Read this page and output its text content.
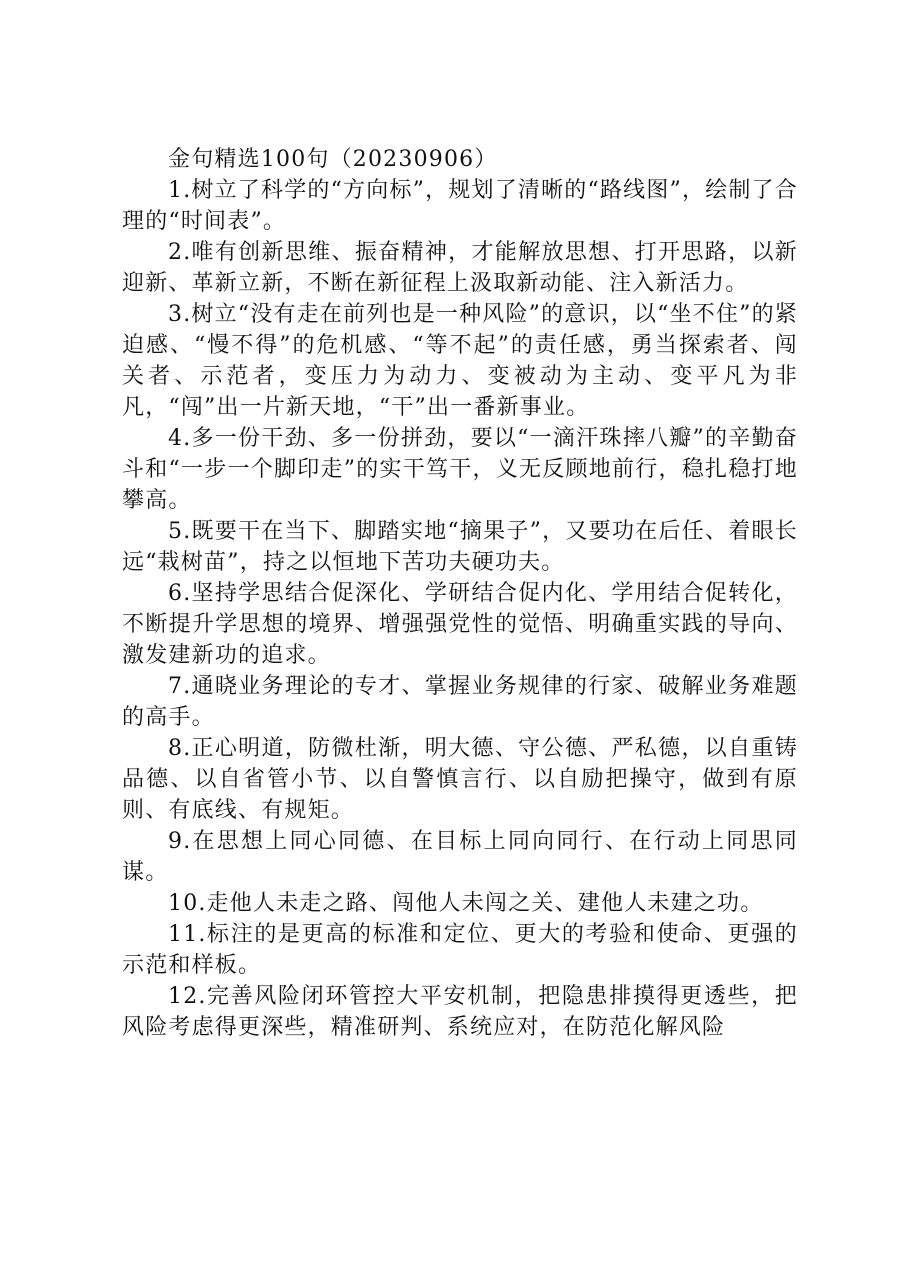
金句精选100句（20230906）

1.树立了科学的“方向标”，规划了清晰的“路线图”，绘制了合理的“时间表”。

2.唯有创新思维、振奋精神，才能解放思想、打开思路，以新迎新、革新立新，不断在新征程上汲取新动能、注入新活力。

3.树立“没有走在前列也是一种风险”的意识，以“坐不住”的紧迫感、“慢不得”的危机感、“等不起”的责任感，勇当探索者、闯关者、示范者，变压力为动力、变被动为主动、变平凡为非凡，“闯”出一片新天地，“干”出一番新事业。

4.多一份干劲、多一份拼劲，要以“一滴汗珠摔八瓣”的辛勤奋斗和“一步一个脚印走”的实干笃干，义无反顾地前行，稳扎稳打地攀高。

5.既要干在当下、脚踏实地“摘果子”，又要功在后任、着眼长远“栽树苗”，持之以恒地下苦功夫硬功夫。

6.坚持学思结合促深化、学研结合促内化、学用结合促转化，不断提升学思想的境界、增强强党性的觉悟、明确重实践的导向、激发建新功的追求。

7.通晓业务理论的专才、掌握业务规律的行家、破解业务难题的高手。

8.正心明道，防微杜渐，明大德、守公德、严私德，以自重铸品德、以自省管小节、以自警慎言行、以自励把操守，做到有原则、有底线、有规矩。

9.在思想上同心同德、在目标上同向同行、在行动上同思同谋。

10.走他人未走之路、闯他人未闯之关、建他人未建之功。

11.标注的是更高的标准和定位、更大的考验和使命、更强的示范和样板。

12.完善风险闭环管控大平安机制，把隐患排摸得更透些，把风险考虑得更深些，精准研判、系统应对，在防范化解风险
